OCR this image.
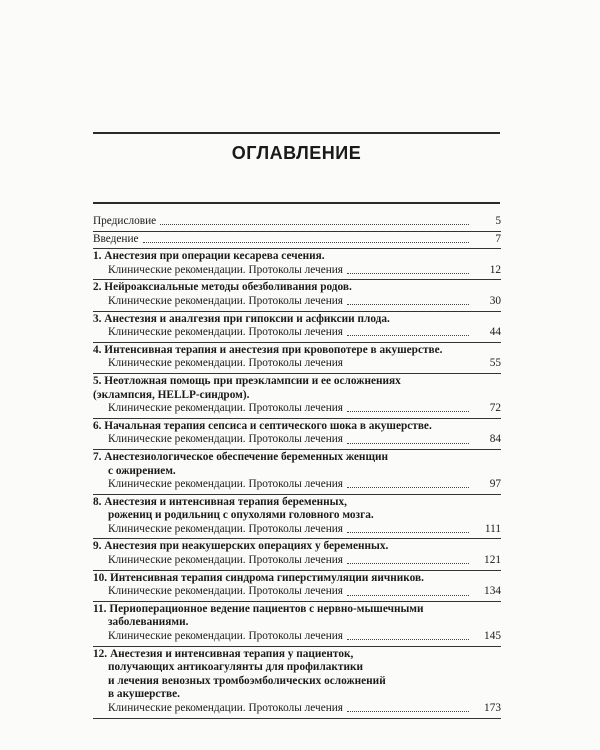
ОГЛАВЛЕНИЕ
Предисловие	5
Введение	7
1. Анестезия при операции кесарева сечения.
Клинические рекомендации. Протоколы лечения	12
2. Нейроаксиальные методы обезболивания родов.
Клинические рекомендации. Протоколы лечения	30
3. Анестезия и аналгезия при гипоксии и асфиксии плода.
Клинические рекомендации. Протоколы лечения	44
4. Интенсивная терапия и анестезия при кровопотере в акушерстве.
Клинические рекомендации. Протоколы лечения	55
5. Неотложная помощь при преэклампсии и ее осложнениях
(эклампсия, HELLP-синдром).
Клинические рекомендации. Протоколы лечения	72
6. Начальная терапия сепсиса и септического шока в акушерстве.
Клинические рекомендации. Протоколы лечения	84
7. Анестезиологическое обеспечение беременных женщин
с ожирением.
Клинические рекомендации. Протоколы лечения	97
8. Анестезия и интенсивная терапия беременных,
рожениц и родильниц с опухолями головного мозга.
Клинические рекомендации. Протоколы лечения	111
9. Анестезия при неакушерских операциях у беременных.
Клинические рекомендации. Протоколы лечения	121
10. Интенсивная терапия синдрома гиперстимуляции яичников.
Клинические рекомендации. Протоколы лечения	134
11. Периоперационное ведение пациентов с нервно-мышечными
заболеваниями.
Клинические рекомендации. Протоколы лечения	145
12. Анестезия и интенсивная терапия у пациенток,
получающих антикоагулянты для профилактики
и лечения венозных тромбоэмболических осложнений
в акушерстве.
Клинические рекомендации. Протоколы лечения	173
